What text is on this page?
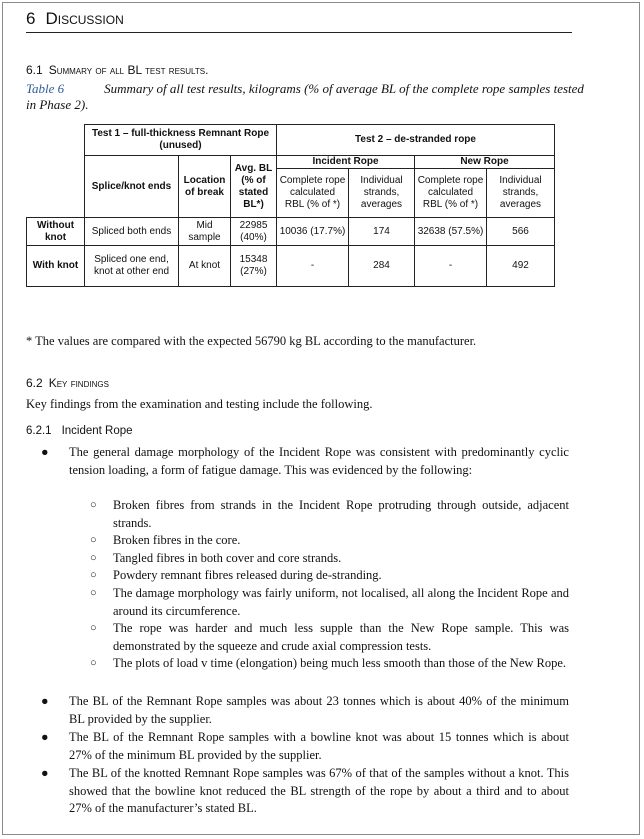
6 Discussion
6.1 Summary of all BL test results.
Table 6	Summary of all test results, kilograms (% of average BL of the complete rope samples tested in Phase 2).
	Test 1 – full-thickness Remnant Rope (unused)			Test 2 – de-stranded rope			
	Splice/knot ends	Location of break	Avg. BL (% of stated BL*)	Incident Rope		New Rope	
				Complete rope calculated RBL (% of *)	Individual strands, averages	Complete rope calculated RBL (% of *)	Individual strands, averages
Without knot	Spliced both ends	Mid sample	22985 (40%)	10036 (17.7%)	174	32638 (57.5%)	566
With knot	Spliced one end, knot at other end	At knot	15348 (27%)	-	284	-	492
* The values are compared with the expected 56790 kg BL according to the manufacturer.
6.2 Key findings
Key findings from the examination and testing include the following.
6.2.1 Incident Rope
● The general damage morphology of the Incident Rope was consistent with predominantly cyclic tension loading, a form of fatigue damage. This was evidenced by the following:
○ Broken fibres from strands in the Incident Rope protruding through outside, adjacent strands.
○ Broken fibres in the core.
○ Tangled fibres in both cover and core strands.
○ Powdery remnant fibres released during de-stranding.
○ The damage morphology was fairly uniform, not localised, all along the Incident Rope and around its circumference.
○ The rope was harder and much less supple than the New Rope sample. This was demonstrated by the squeeze and crude axial compression tests.
○ The plots of load v time (elongation) being much less smooth than those of the New Rope.
● The BL of the Remnant Rope samples was about 23 tonnes which is about 40% of the minimum BL provided by the supplier.
● The BL of the Remnant Rope samples with a bowline knot was about 15 tonnes which is about 27% of the minimum BL provided by the supplier.
● The BL of the knotted Remnant Rope samples was 67% of that of the samples without a knot. This showed that the bowline knot reduced the BL strength of the rope by about a third and to about 27% of the manufacturer’s stated BL.
